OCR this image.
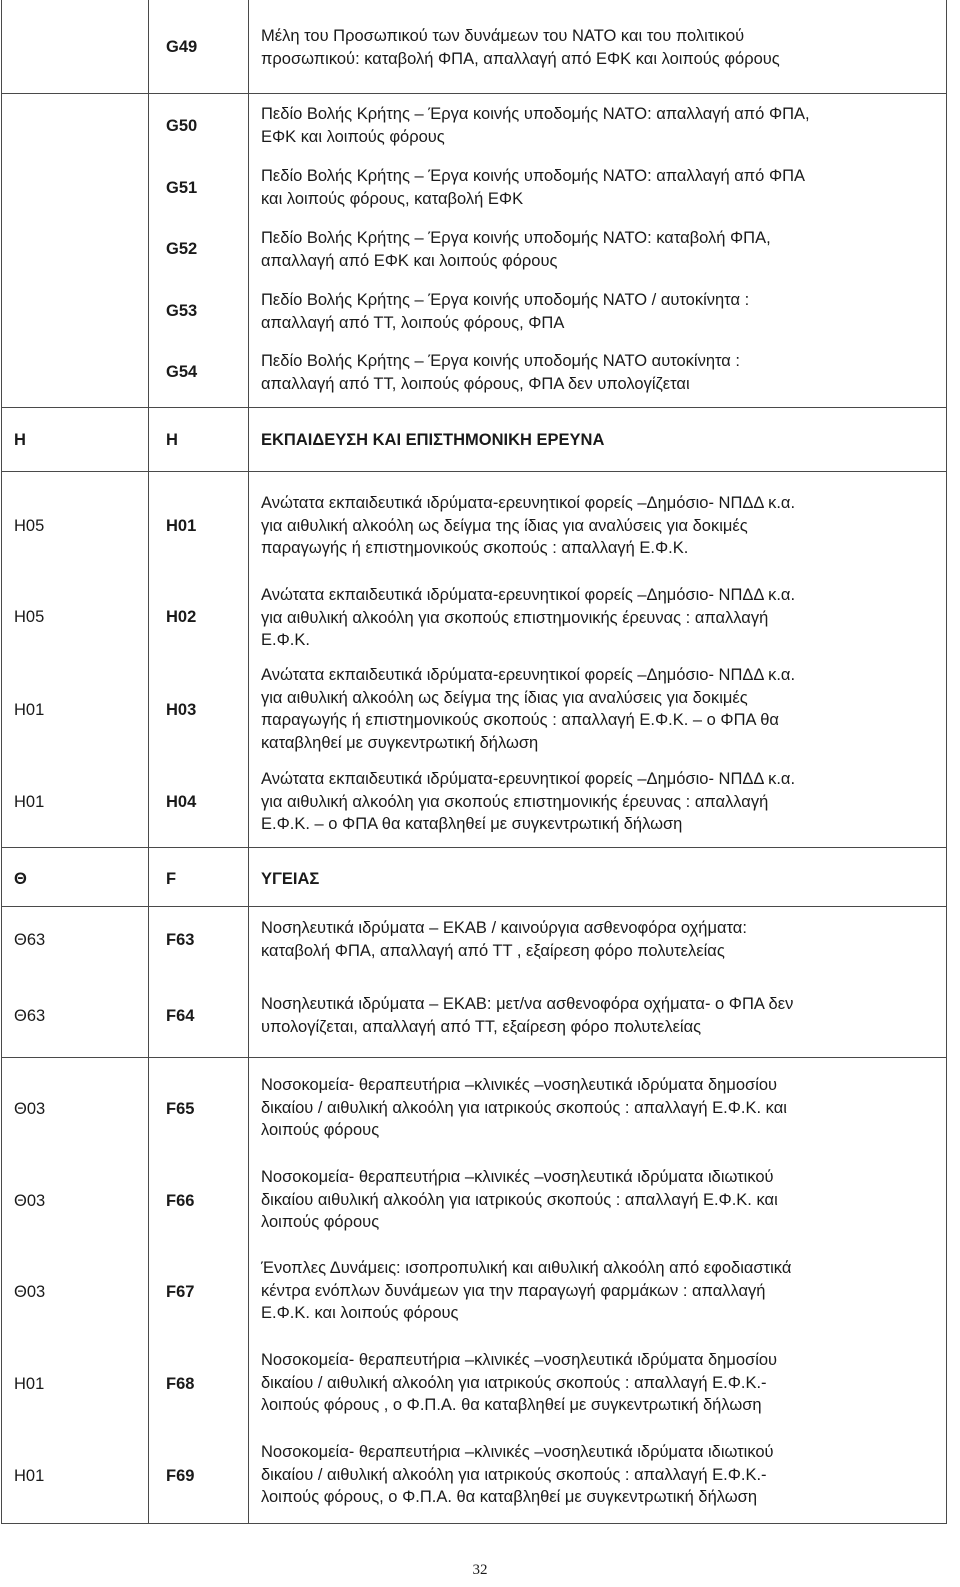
G49
Μέλη του Προσωπικού των δυνάμεων του ΝΑΤΟ και του πολιτικού
προσωπικού: καταβολή ΦΠΑ, απαλλαγή από ΕΦΚ και λοιπούς φόρους
G50
Πεδίο Βολής Κρήτης – Έργα κοινής υποδομής ΝΑΤΟ: απαλλαγή από ΦΠΑ,
ΕΦΚ και λοιπούς φόρους
G51
Πεδίο Βολής Κρήτης – Έργα κοινής υποδομής ΝΑΤΟ: απαλλαγή από ΦΠΑ
και λοιπούς φόρους, καταβολή ΕΦΚ
G52
Πεδίο Βολής Κρήτης – Έργα κοινής υποδομής ΝΑΤΟ: καταβολή ΦΠΑ,
απαλλαγή από ΕΦΚ και λοιπούς φόρους
G53
Πεδίο Βολής Κρήτης – Έργα κοινής υποδομής ΝΑΤΟ / αυτοκίνητα :
απαλλαγή από ΤΤ, λοιπούς φόρους, ΦΠΑ
G54
Πεδίο Βολής Κρήτης – Έργα κοινής υποδομής ΝΑΤΟ αυτοκίνητα :
απαλλαγή από ΤΤ, λοιπούς φόρους, ΦΠΑ δεν υπολογίζεται
Η	H	ΕΚΠΑΙΔΕΥΣΗ ΚΑΙ ΕΠΙΣΤΗΜΟΝΙΚΗ ΕΡΕΥΝΑ
Η05	H01
Ανώτατα εκπαιδευτικά ιδρύματα-ερευνητικοί φορείς –Δημόσιο- ΝΠΔΔ κ.α.
για αιθυλική αλκοόλη ως δείγμα της ίδιας για αναλύσεις για δοκιμές
παραγωγής ή επιστημονικούς σκοπούς : απαλλαγή Ε.Φ.Κ.
Η05	H02
Ανώτατα εκπαιδευτικά ιδρύματα-ερευνητικοί φορείς –Δημόσιο- ΝΠΔΔ κ.α.
για αιθυλική αλκοόλη για σκοπούς επιστημονικής έρευνας : απαλλαγή
Ε.Φ.Κ.
Η01	H03
Ανώτατα εκπαιδευτικά ιδρύματα-ερευνητικοί φορείς –Δημόσιο- ΝΠΔΔ κ.α.
για αιθυλική αλκοόλη ως δείγμα της ίδιας για αναλύσεις για δοκιμές
παραγωγής ή επιστημονικούς σκοπούς : απαλλαγή Ε.Φ.Κ. – ο ΦΠΑ θα
καταβληθεί με συγκεντρωτική δήλωση
Η01	H04
Ανώτατα εκπαιδευτικά ιδρύματα-ερευνητικοί φορείς –Δημόσιο- ΝΠΔΔ κ.α.
για αιθυλική αλκοόλη για σκοπούς επιστημονικής έρευνας : απαλλαγή
Ε.Φ.Κ. – ο ΦΠΑ θα καταβληθεί με συγκεντρωτική δήλωση
Θ	F	ΥΓΕΙΑΣ
Θ63	F63
Νοσηλευτικά ιδρύματα – ΕΚΑΒ / καινούργια ασθενοφόρα οχήματα:
καταβολή ΦΠΑ, απαλλαγή από ΤΤ , εξαίρεση φόρο πολυτελείας
Θ63	F64
Νοσηλευτικά ιδρύματα – ΕΚΑΒ: μετ/να ασθενοφόρα οχήματα- ο ΦΠΑ δεν
υπολογίζεται, απαλλαγή από ΤΤ, εξαίρεση φόρο πολυτελείας
Θ03	F65
Νοσοκομεία- θεραπευτήρια –κλινικές –νοσηλευτικά ιδρύματα δημοσίου
δικαίου / αιθυλική αλκοόλη για ιατρικούς σκοπούς : απαλλαγή Ε.Φ.Κ. και
λοιπούς φόρους
Θ03	F66
Νοσοκομεία- θεραπευτήρια –κλινικές –νοσηλευτικά ιδρύματα ιδιωτικού
δικαίου αιθυλική αλκοόλη για ιατρικούς σκοπούς : απαλλαγή Ε.Φ.Κ. και
λοιπούς φόρους
Θ03	F67
Ένοπλες Δυνάμεις: ισοπροπυλική και αιθυλική αλκοόλη από εφοδιαστικά
κέντρα ενόπλων δυνάμεων για την παραγωγή φαρμάκων : απαλλαγή
Ε.Φ.Κ. και λοιπούς φόρους
Η01	F68
Νοσοκομεία- θεραπευτήρια –κλινικές –νοσηλευτικά ιδρύματα δημοσίου
δικαίου / αιθυλική αλκοόλη για ιατρικούς σκοπούς : απαλλαγή Ε.Φ.Κ.-
λοιπούς φόρους , ο Φ.Π.Α. θα καταβληθεί με συγκεντρωτική δήλωση
Η01	F69
Νοσοκομεία- θεραπευτήρια –κλινικές –νοσηλευτικά ιδρύματα ιδιωτικού
δικαίου / αιθυλική αλκοόλη για ιατρικούς σκοπούς : απαλλαγή Ε.Φ.Κ.-
λοιπούς φόρους, ο Φ.Π.Α. θα καταβληθεί με συγκεντρωτική δήλωση
32
